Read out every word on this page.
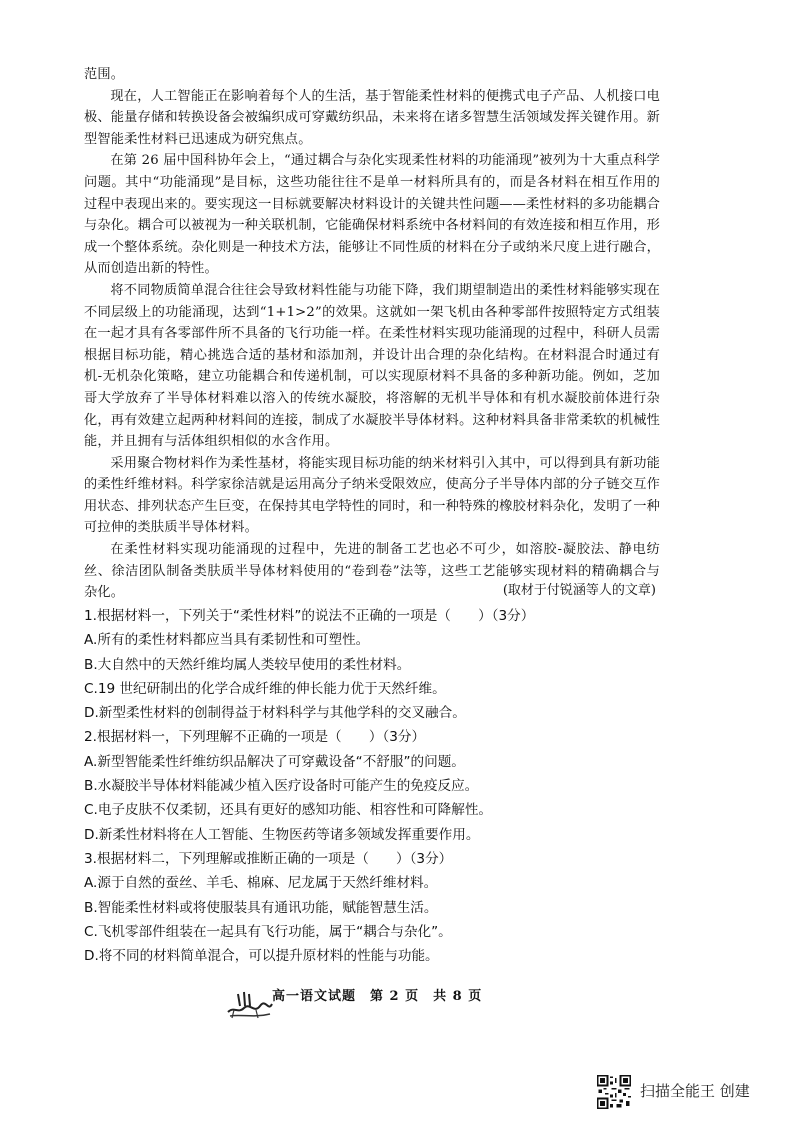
范围。

现在，人工智能正在影响着每个人的生活，基于智能柔性材料的便携式电子产品、人机接口电极、能量存储和转换设备会被编织成可穿戴纺织品，未来将在诸多智慧生活领域发挥关键作用。新型智能柔性材料已迅速成为研究焦点。

在第 26 届中国科协年会上，“通过耦合与杂化实现柔性材料的功能涌现”被列为十大重点科学问题。其中“功能涌现”是目标，这些功能往往不是单一材料所具有的，而是各材料在相互作用的过程中表现出来的。要实现这一目标就要解决材料设计的关键共性问题——柔性材料的多功能耦合与杂化。耦合可以被视为一种关联机制，它能确保材料系统中各材料间的有效连接和相互作用，形成一个整体系统。杂化则是一种技术方法，能够让不同性质的材料在分子或纳米尺度上进行融合，从而创造出新的特性。

将不同物质简单混合往往会导致材料性能与功能下降，我们期望制造出的柔性材料能够实现在不同层级上的功能涌现，达到“1+1>2”的效果。这就如一架飞机由各种零部件按照特定方式组装在一起才具有各零部件所不具备的飞行功能一样。在柔性材料实现功能涌现的过程中，科研人员需根据目标功能，精心挑选合适的基材和添加剂，并设计出合理的杂化结构。在材料混合时通过有机-无机杂化策略，建立功能耦合和传递机制，可以实现原材料不具备的多种新功能。例如，芝加哥大学放弃了半导体材料难以溶入的传统水凝胶，将溶解的无机半导体和有机水凝胶前体进行杂化，再有效建立起两种材料间的连接，制成了水凝胶半导体材料。这种材料具备非常柔软的机械性能，并且拥有与活体组织相似的水含作用。

采用聚合物材料作为柔性基材，将能实现目标功能的纳米材料引入其中，可以得到具有新功能的柔性纤维材料。科学家徐洁就是运用高分子纳米受限效应，使高分子半导体内部的分子链交互作用状态、排列状态产生巨变，在保持其电学特性的同时，和一种特殊的橡胶材料杂化，发明了一种可拉伸的类肤质半导体材料。

在柔性材料实现功能涌现的过程中，先进的制备工艺也必不可少，如溶胶-凝胶法、静电纺丝、徐洁团队制备类肤质半导体材料使用的“卷到卷”法等，这些工艺能够实现材料的精确耦合与杂化。	(取材于付锐涵等人的文章)
1.根据材料一，下列关于“柔性材料”的说法不正确的一项是（　　）（3分）
A.所有的柔性材料都应当具有柔韧性和可塑性。
B.大自然中的天然纤维均属人类较早使用的柔性材料。
C.19 世纪研制出的化学合成纤维的伸长能力优于天然纤维。
D.新型柔性材料的创制得益于材料科学与其他学科的交叉融合。
2.根据材料一，下列理解不正确的一项是（　　）（3分）
A.新型智能柔性纤维纺织品解决了可穿戴设备“不舒服”的问题。
B.水凝胶半导体材料能减少植入医疗设备时可能产生的免疫反应。
C.电子皮肤不仅柔韧，还具有更好的感知功能、相容性和可降解性。
D.新柔性材料将在人工智能、生物医药等诸多领域发挥重要作用。
3.根据材料二，下列理解或推断正确的一项是（　　）（3分）
A.源于自然的蚕丝、羊毛、棉麻、尼龙属于天然纤维材料。
B.智能柔性材料或将使服装具有通讯功能，赋能智慧生活。
C.飞机零部件组装在一起具有飞行功能，属于“耦合与杂化”。
D.将不同的材料简单混合，可以提升原材料的性能与功能。
高一语文试题　第 2 页　共 8 页
扫描全能王 创建
